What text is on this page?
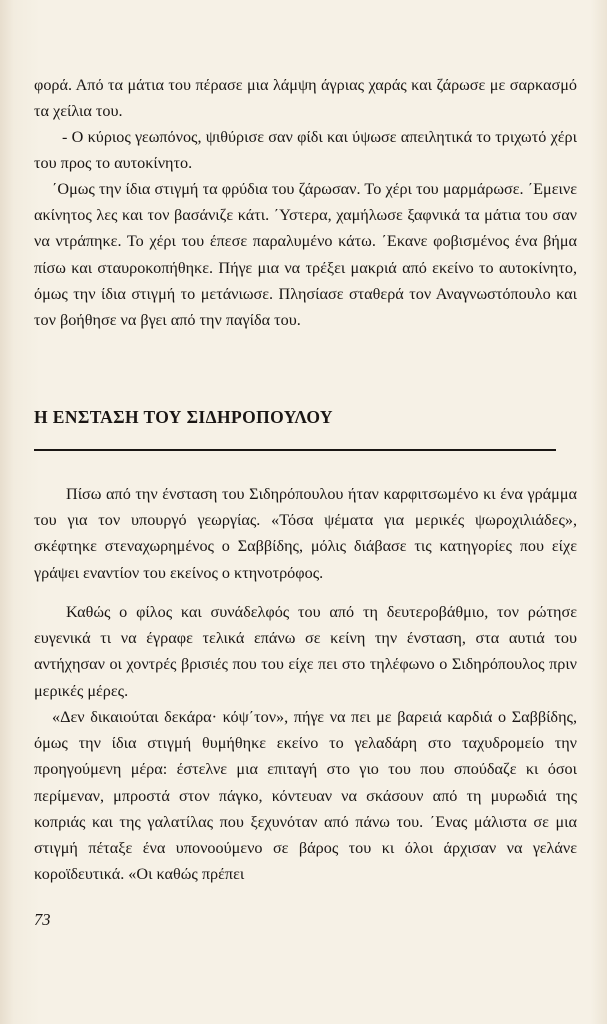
φορά. Από τα μάτια του πέρασε μια λάμψη άγριας χαράς και ζάρωσε με σαρκασμό τα χείλια του.

- Ο κύριος γεωπόνος, ψιθύρισε σαν φίδι και ύψωσε απειλητικά το τριχωτό χέρι του προς το αυτοκίνητο.

΄Ομως την ίδια στιγμή τα φρύδια του ζάρωσαν. Το χέρι του μαρμάρωσε. ΄Εμεινε ακίνητος λες και τον βασάνιζε κάτι. ΄Υστερα, χαμήλωσε ξαφνικά τα μάτια του σαν να ντράπηκε. Το χέρι του έπεσε παραλυμένο κάτω. ΄Εκανε φοβισμένος ένα βήμα πίσω και σταυροκοπήθηκε. Πήγε μια να τρέξει μακριά από εκείνο το αυτοκίνητο, όμως την ίδια στιγμή το μετάνιωσε. Πλησίασε σταθερά τον Αναγνωστόπουλο και τον βοήθησε να βγει από την παγίδα του.

Η ΕΝΣΤΑΣΗ ΤΟΥ ΣΙΔΗΡΟΠΟΥΛΟΥ

Πίσω από την ένσταση του Σιδηρόπουλου ήταν καρφιτσωμένο κι ένα γράμμα του για τον υπουργό γεωργίας. «Τόσα ψέματα για μερικές ψωροχιλιάδες», σκέφτηκε στεναχωρημένος ο Σαββίδης, μόλις διάβασε τις κατηγορίες που είχε γράψει εναντίον του εκείνος ο κτηνοτρόφος.

Καθώς ο φίλος και συνάδελφός του από τη δευτεροβάθμιο, τον ρώτησε ευγενικά τι να έγραφε τελικά επάνω σε κείνη την ένσταση, στα αυτιά του αντήχησαν οι χοντρές βρισιές που του είχε πει στο τηλέφωνο ο Σιδηρόπουλος πριν μερικές μέρες.

«Δεν δικαιούται δεκάρα· κόψ΄τον», πήγε να πει με βαρειά καρδιά ο Σαββίδης, όμως την ίδια στιγμή θυμήθηκε εκείνο το γελαδάρη στο ταχυδρομείο την προηγούμενη μέρα: έστελνε μια επιταγή στο γιο του που σπούδαζε κι όσοι περίμεναν, μπροστά στον πάγκο, κόντευαν να σκάσουν από τη μυρωδιά της κοπριάς και της γαλατίλας που ξεχυνόταν από πάνω του. ΄Ενας μάλιστα σε μια στιγμή πέταξε ένα υπονοούμενο σε βάρος του κι όλοι άρχισαν να γελάνε κοροϊδευτικά. «Οι καθώς πρέπει

73
